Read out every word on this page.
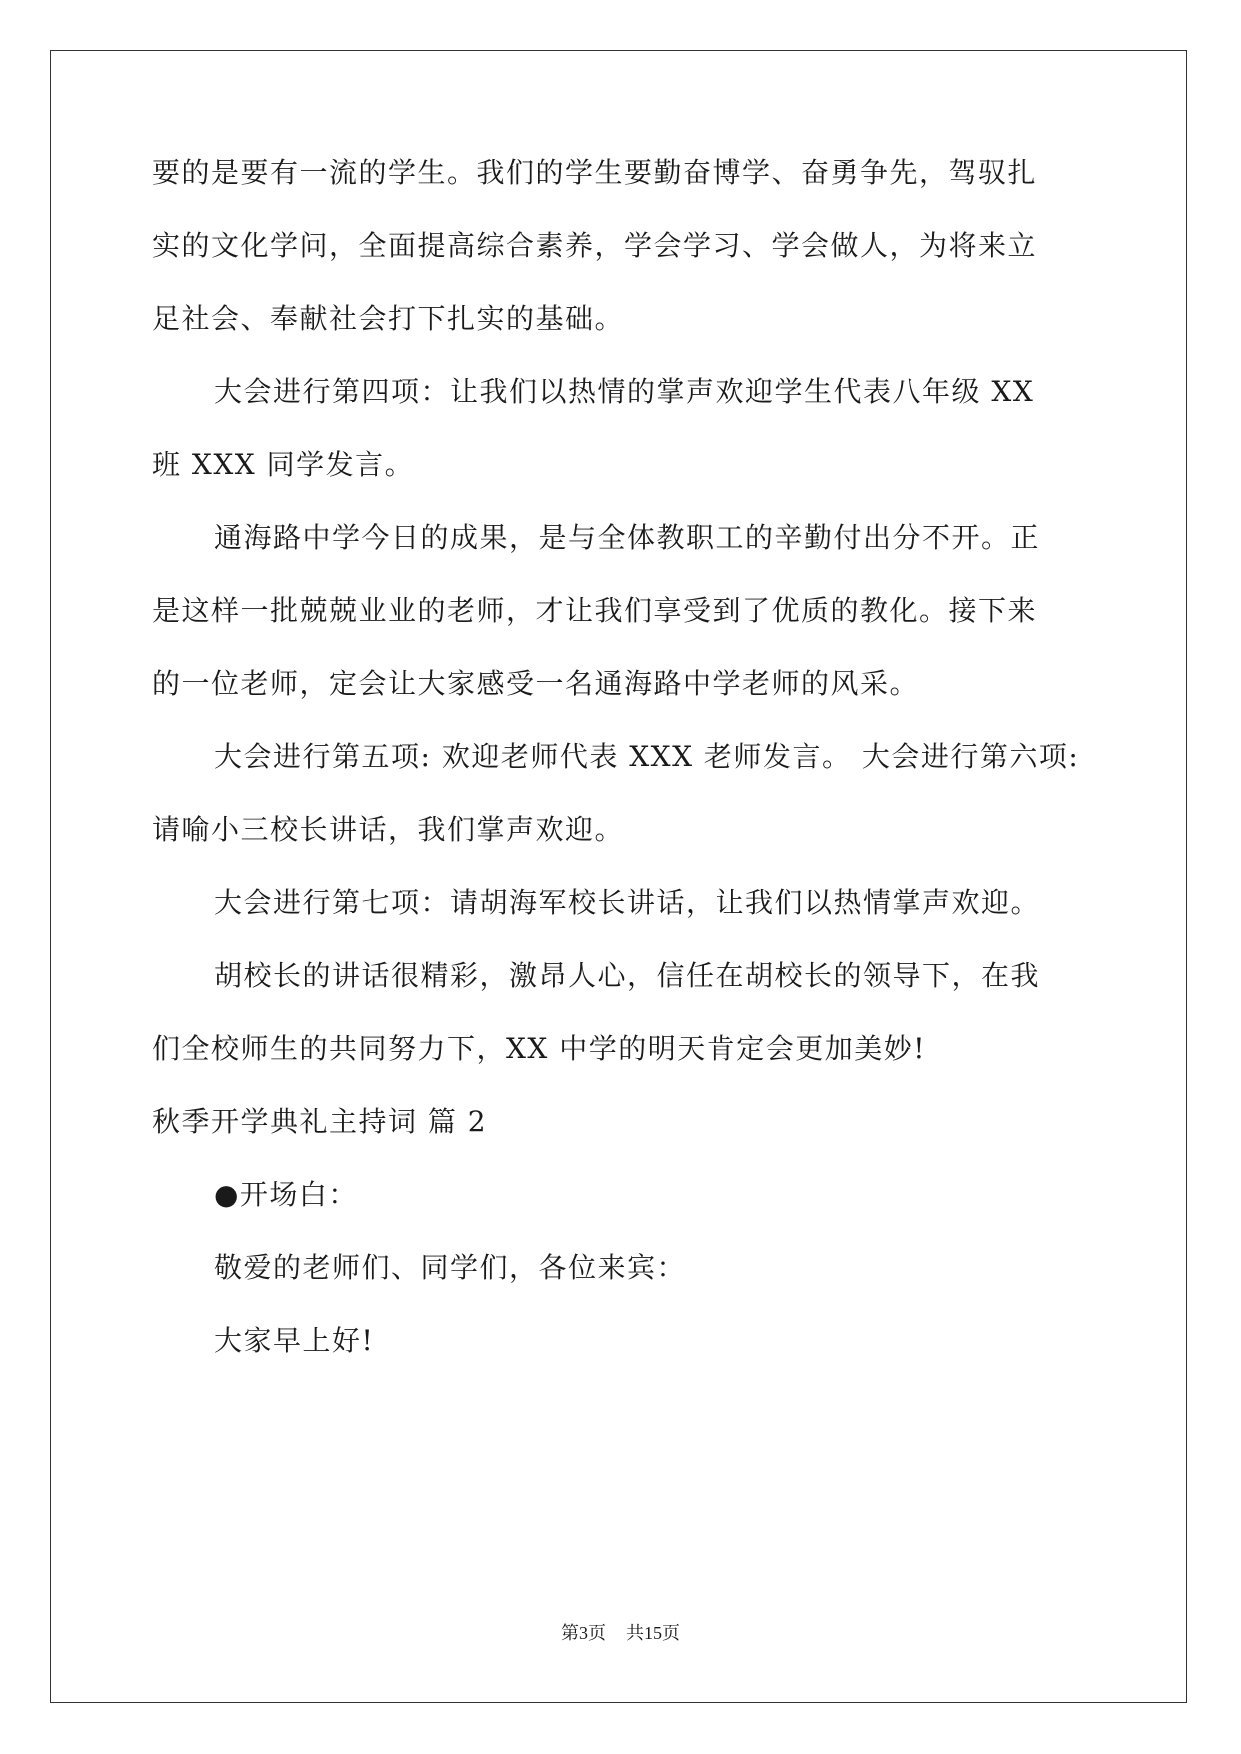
要的是要有一流的学生。我们的学生要勤奋博学、奋勇争先，驾驭扎
实的文化学问，全面提高综合素养，学会学习、学会做人，为将来立
足社会、奉献社会打下扎实的基础。
大会进行第四项：让我们以热情的掌声欢迎学生代表八年级 XX
班 XXX 同学发言。
通海路中学今日的成果，是与全体教职工的辛勤付出分不开。正
是这样一批兢兢业业的老师，才让我们享受到了优质的教化。接下来
的一位老师，定会让大家感受一名通海路中学老师的风采。
大会进行第五项: 欢迎老师代表 XXX 老师发言。 大会进行第六项:
请喻小三校长讲话，我们掌声欢迎。
大会进行第七项：请胡海军校长讲话，让我们以热情掌声欢迎。
胡校长的讲话很精彩，激昂人心，信任在胡校长的领导下，在我
们全校师生的共同努力下，XX 中学的明天肯定会更加美妙!
秋季开学典礼主持词 篇 2
●开场白：
敬爱的老师们、同学们，各位来宾：
大家早上好!
第3页 共15页
